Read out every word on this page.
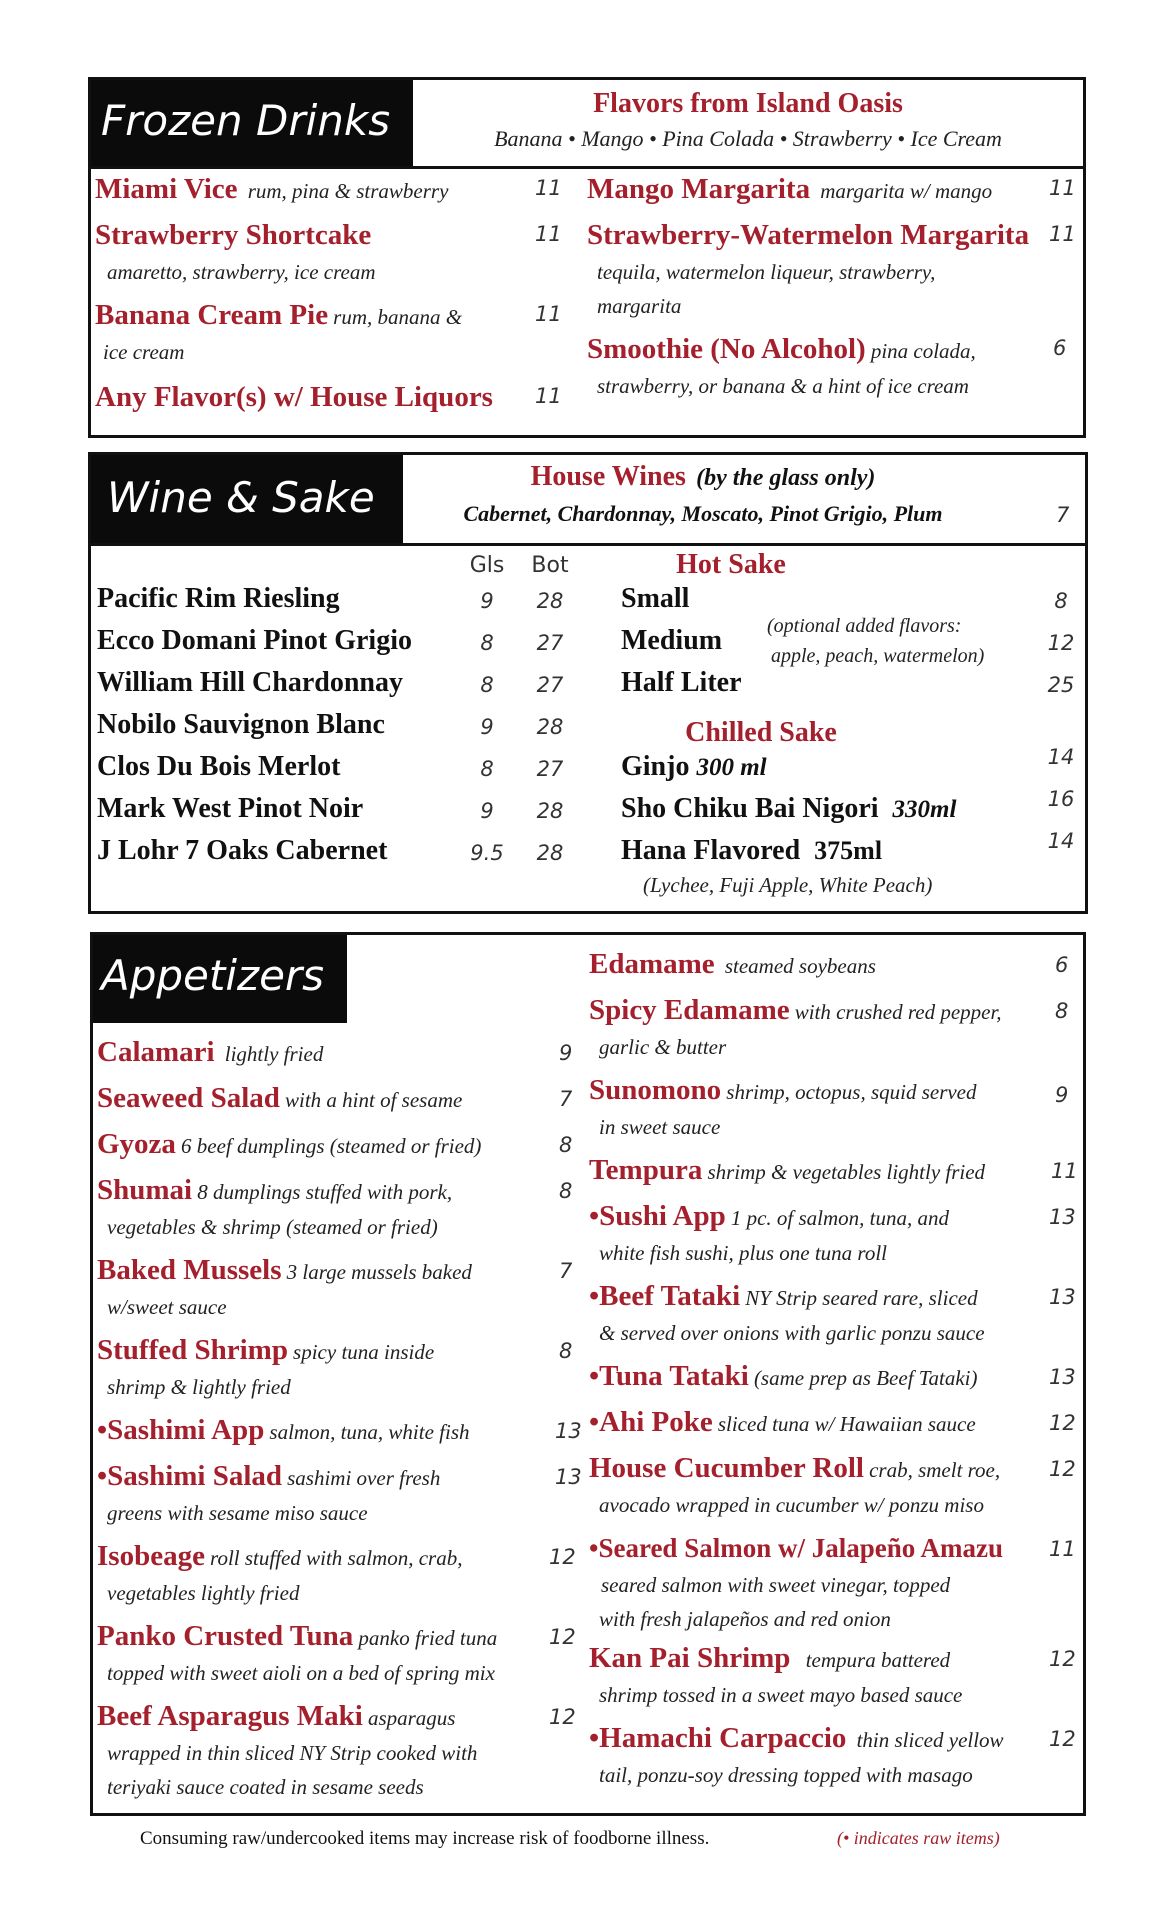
Frozen Drinks	Flavors from Island Oasis
Banana • Mango • Pina Colada • Strawberry • Ice Cream
Miami Vice rum, pina & strawberry	11
Strawberry Shortcake
amaretto, strawberry, ice cream
11
Banana Cream Pie rum, banana &
ice cream
11
Any Flavor(s) w/ House Liquors	11
Mango Margarita margarita w/ mango	11
Strawberry-Watermelon Margarita
tequila, watermelon liqueur, strawberry,
margarita
11
Smoothie (No Alcohol) pina colada,
strawberry, or banana & a hint of ice cream
6
Wine & Sake	House Wines (by the glass only)
Cabernet, Chardonnay, Moscato, Pinot Grigio, Plum	7
Gls Bot
Pacific Rim Riesling	9	28
Ecco Domani Pinot Grigio	8	27
William Hill Chardonnay	8	27
Nobilo Sauvignon Blanc	9	28
Clos Du Bois Merlot	8	27
Mark West Pinot Noir	9	28
J Lohr 7 Oaks Cabernet	9.5	28
Hot Sake
Small	8
Medium	12
Half Liter	25
(optional added flavors:
apple, peach, watermelon)
Chilled Sake
Ginjo 300 ml	14
Sho Chiku Bai Nigori 330ml	16
Hana Flavored 375ml	14
(Lychee, Fuji Apple, White Peach)
Appetizers
Calamari lightly fried	9
Seaweed Salad with a hint of sesame	7
Gyoza 6 beef dumplings (steamed or fried)	8
Shumai 8 dumplings stuffed with pork,
vegetables & shrimp (steamed or fried)
8
Baked Mussels 3 large mussels baked
w/sweet sauce
7
Stuffed Shrimp spicy tuna inside
shrimp & lightly fried
8
•Sashimi App salmon, tuna, white fish	13
•Sashimi Salad sashimi over fresh
greens with sesame miso sauce
13
Isobeage roll stuffed with salmon, crab,
vegetables lightly fried
12
Panko Crusted Tuna panko fried tuna
topped with sweet aioli on a bed of spring mix
12
Beef Asparagus Maki asparagus
wrapped in thin sliced NY Strip cooked with
teriyaki sauce coated in sesame seeds
12
Edamame steamed soybeans	6
Spicy Edamame with crushed red pepper,
garlic & butter
8
Sunomono shrimp, octopus, squid served
in sweet sauce
9
Tempura shrimp & vegetables lightly fried	11
•Sushi App 1 pc. of salmon, tuna, and
white fish sushi, plus one tuna roll
13
•Beef Tataki NY Strip seared rare, sliced
& served over onions with garlic ponzu sauce
13
•Tuna Tataki (same prep as Beef Tataki)	13
•Ahi Poke sliced tuna w/ Hawaiian sauce	12
House Cucumber Roll crab, smelt roe,
avocado wrapped in cucumber w/ ponzu miso
12
•Seared Salmon w/ Jalapeño Amazu
seared salmon with sweet vinegar, topped
with fresh jalapeños and red onion
11
Kan Pai Shrimp tempura battered
shrimp tossed in a sweet mayo based sauce
12
•Hamachi Carpaccio thin sliced yellow
tail, ponzu-soy dressing topped with masago
12
Consuming raw/undercooked items may increase risk of foodborne illness.	(• indicates raw items)
